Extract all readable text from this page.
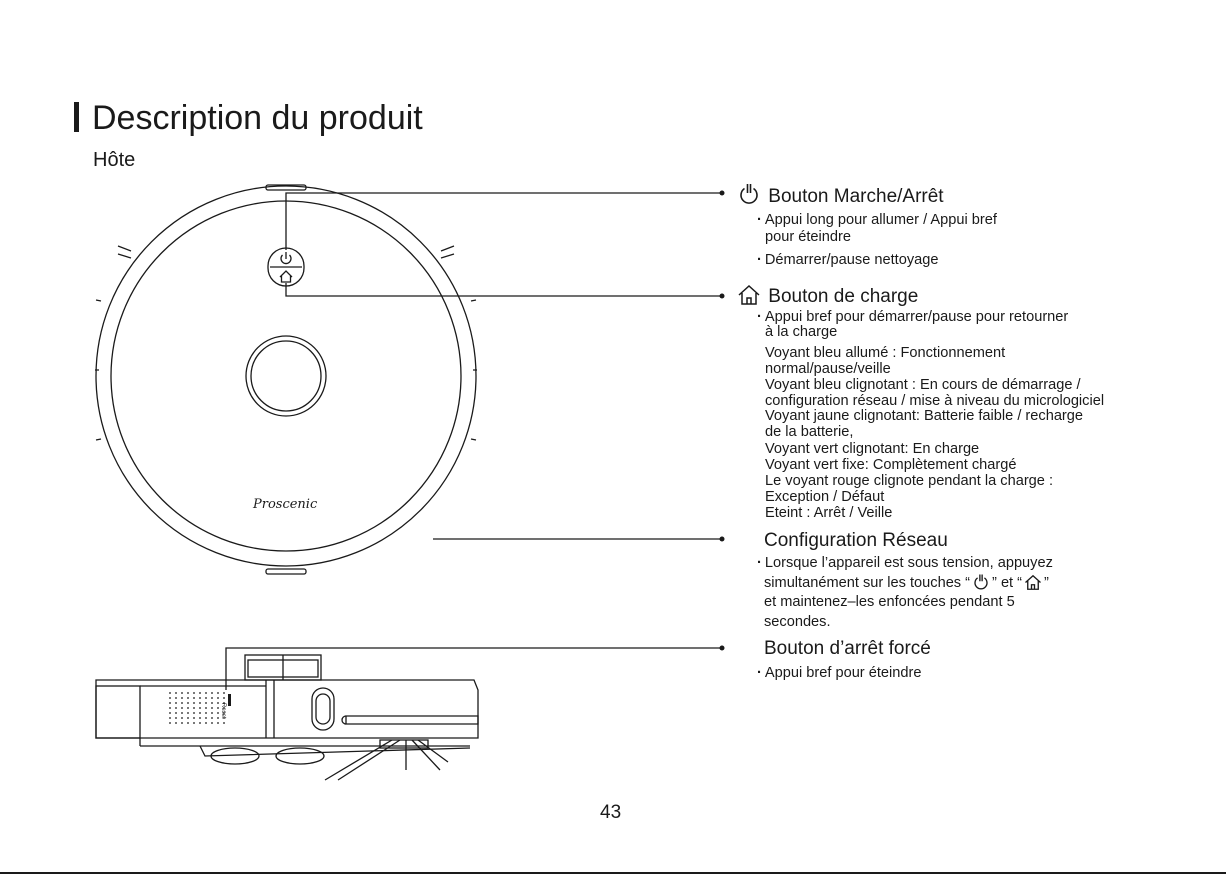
Description du produit
Hôte
Reset
Proscenic
Bouton Marche/Arrêt
· Appui long pour allumer / Appui bref
pour éteindre
· Démarrer/pause nettoyage
Bouton de charge
· Appui bref pour démarrer/pause pour retourner
à la charge
Voyant bleu allumé : Fonctionnement
normal/pause/veille
Voyant bleu clignotant : En cours de démarrage /
configuration réseau / mise à niveau du micrologiciel
Voyant jaune clignotant: Batterie faible / recharge
de la batterie,
Voyant vert clignotant: En charge
Voyant vert fixe: Complètement chargé
Le voyant rouge clignote pendant la charge :
Exception / Défaut
Eteint : Arrêt / Veille
Configuration Réseau
· Lorsque l’appareil est sous tension, appuyez
simultanément sur les touches “ ” et “ ”
et maintenez–les enfoncées pendant 5
secondes.
Bouton d’arrêt forcé
· Appui bref pour éteindre
43
